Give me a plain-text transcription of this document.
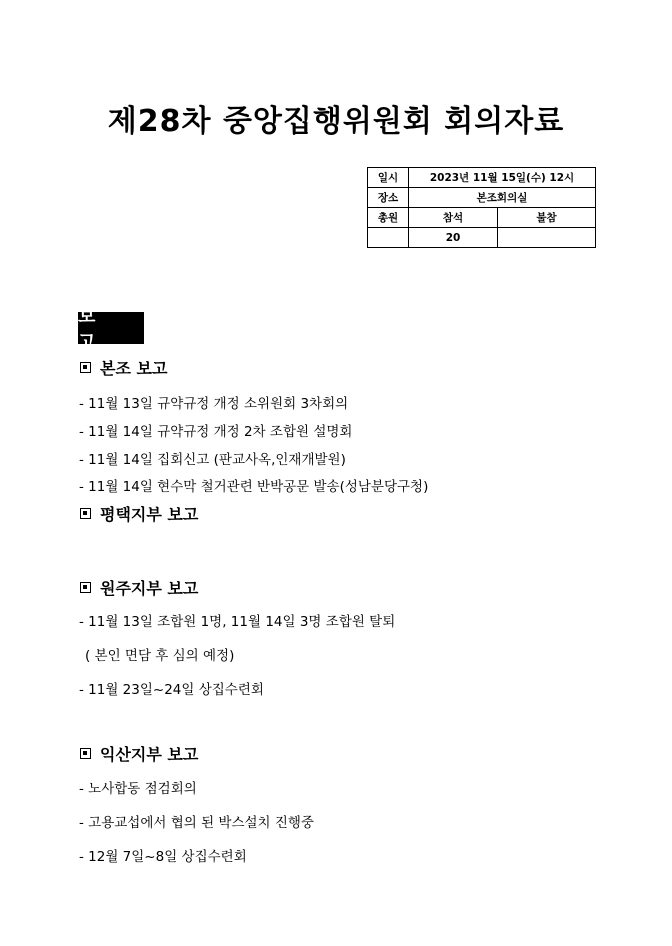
제28차 중앙집행위원회 회의자료
일시	2023년 11월 15일(수) 12시	
장소	본조회의실	
총원	참석	불참
	20	
보 고
본조 보고
- 11월 13일 규약규정 개정 소위원회 3차회의
- 11월 14일 규약규정 개정 2차 조합원 설명회
- 11월 14일 집회신고 (판교사옥,인재개발원)
- 11월 14일 현수막 철거관련 반박공문 발송(성남분당구청)
평택지부 보고
원주지부 보고
- 11월 13일 조합원 1명, 11월 14일 3명 조합원 탈퇴
( 본인 면담 후 심의 예정)
- 11월 23일~24일 상집수련회
익산지부 보고
- 노사합동 점검회의
- 고용교섭에서 협의 된 박스설치 진행중
- 12월 7일~8일 상집수련회
